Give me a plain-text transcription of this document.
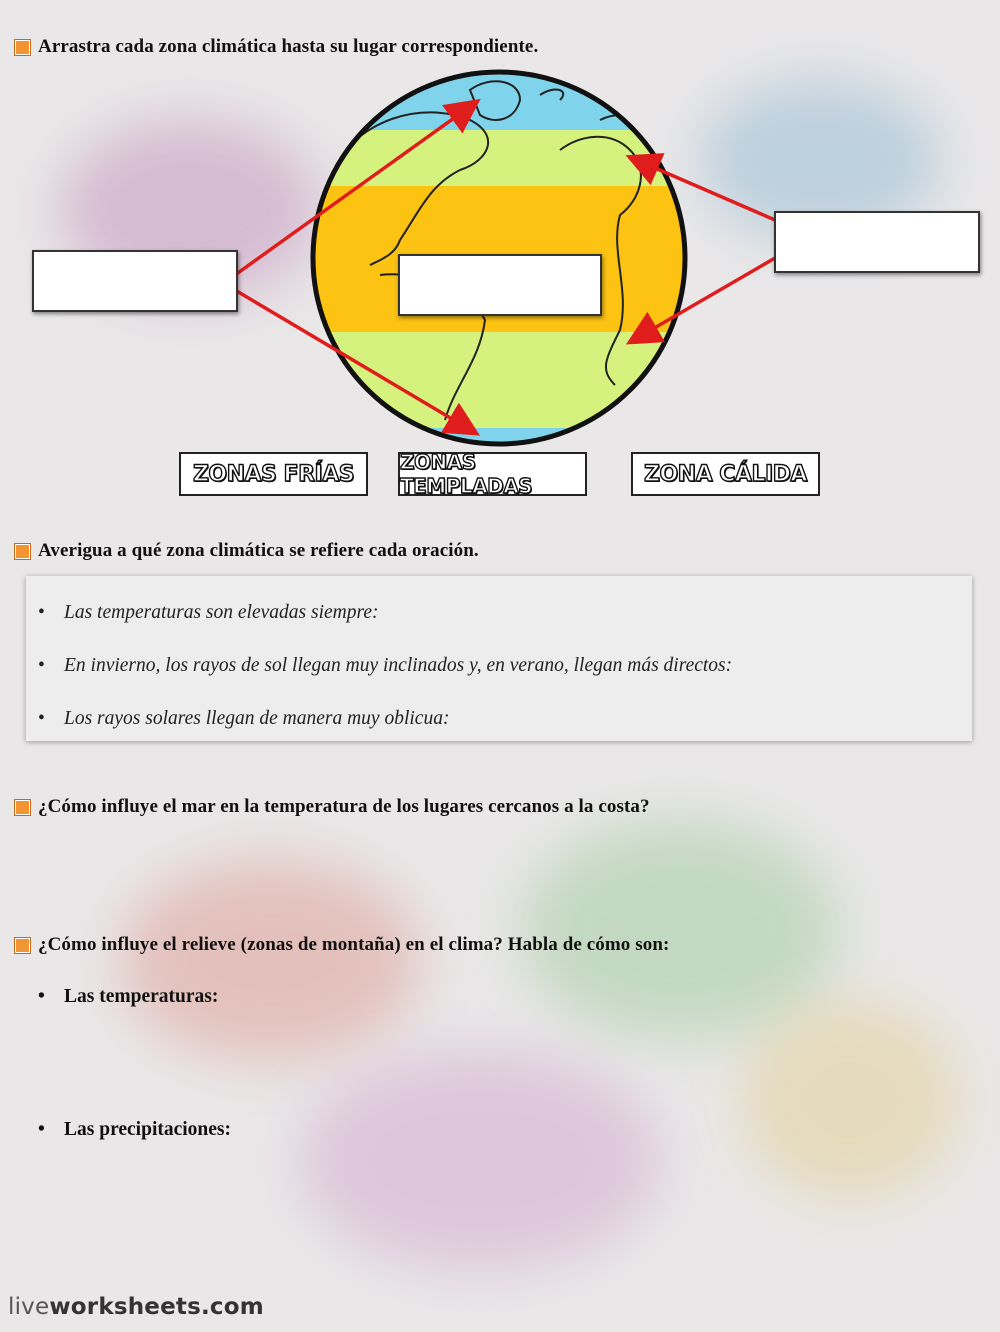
Arrastra cada zona climática hasta su lugar correspondiente.
ZONAS FRÍAS	ZONAS TEMPLADAS	ZONA CÁLIDA
Averigua a qué zona climática se refiere cada oración.
• Las temperaturas son elevadas siempre:
• En invierno, los rayos de sol llegan muy inclinados y, en verano, llegan más directos:
• Los rayos solares llegan de manera muy oblicua:
¿Cómo influye el mar en la temperatura de los lugares cercanos a la costa?
¿Cómo influye el relieve (zonas de montaña) en el clima? Habla de cómo son:
• Las temperaturas:
• Las precipitaciones:
liveworksheets.com
